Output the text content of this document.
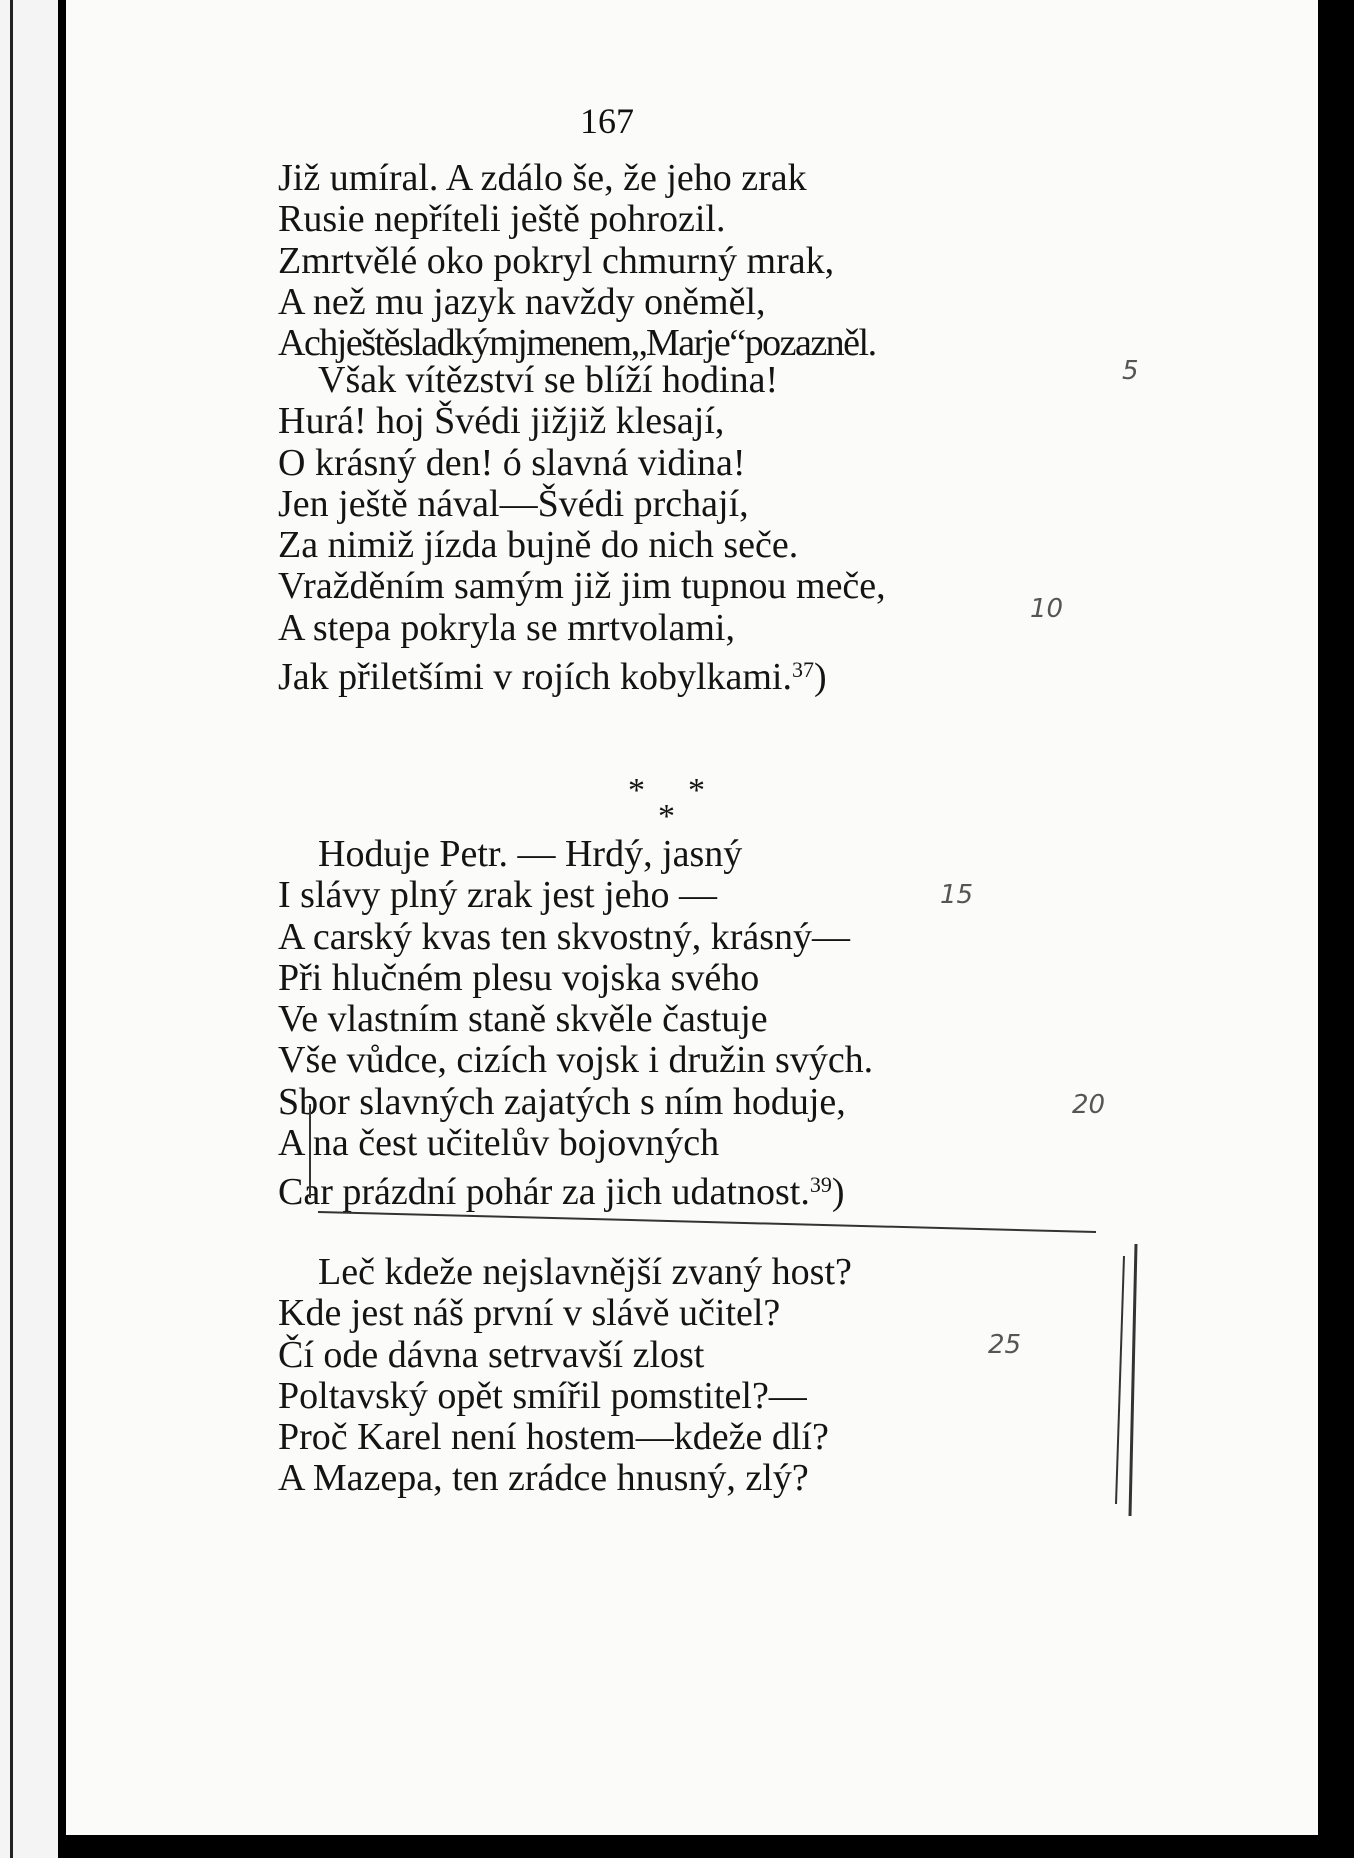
167
Již umíral. A zdálo še, že jeho zrak
Rusie nepříteli ještě pohrozil.
Zmrtvělé oko pokryl chmurný mrak,
A než mu jazyk navždy oněměl,
Achještěsladkýmjmenem„Marje“pozazněl.
Však vítězství se blíží hodina!
Hurá! hoj Švédi jižjiž klesají,
O krásný den! ó slavná vidina!
Jen ještě nával—Švédi prchají,
Za nimiž jízda bujně do nich seče.
Vražděním samým již jim tupnou meče,
A stepa pokryla se mrtvolami,
Jak přiletšími v rojích kobylkami.$^{37}$)
* *
*
Hoduje Petr. — Hrdý, jasný
I slávy plný zrak jest jeho —
A carský kvas ten skvostný, krásný—
Při hlučném plesu vojska svého
Ve vlastním staně skvěle častuje
Vše vůdce, cizích vojsk i družin svých.
Sbor slavných zajatých s ním hoduje,
A na čest učitelův bojovných
Car prázdní pohár za jich udatnost.$^{39}$)
Leč kdeže nejslavnější zvaný host?
Kde jest náš první v slávě učitel?
Čí ode dávna setrvavší zlost
Poltavský opět smířil pomstitel?—
Proč Karel není hostem—kdeže dlí?
A Mazepa, ten zrádce hnusný, zlý?
5
10
15
20
25
